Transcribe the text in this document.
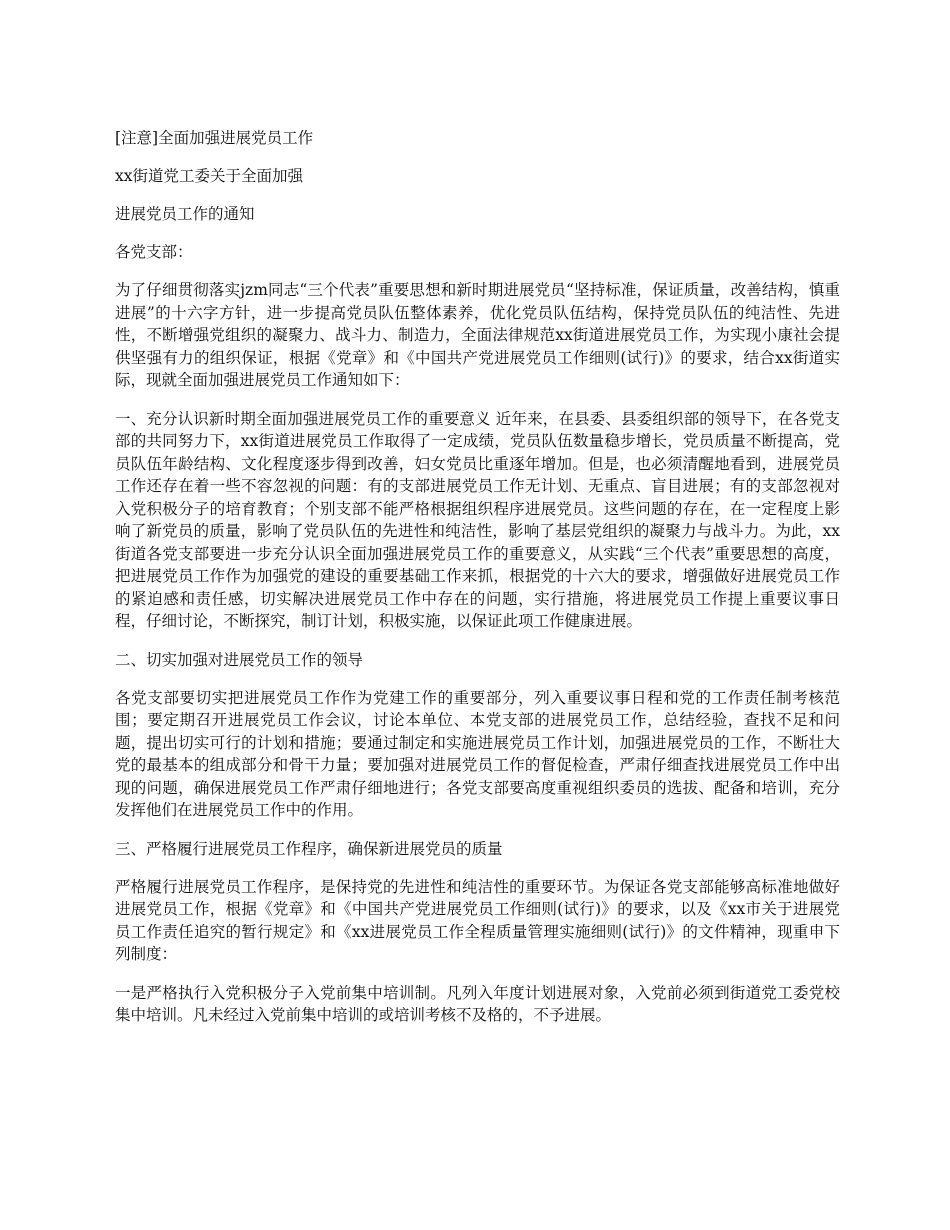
[注意]全面加强进展党员工作
xx街道党工委关于全面加强
进展党员工作的通知
各党支部：

为了仔细贯彻落实jzm同志“三个代表”重要思想和新时期进展党员“坚持标准，保证质量，改善结构，慎重进展”的十六字方针，进一步提高党员队伍整体素养，优化党员队伍结构，保持党员队伍的纯洁性、先进性，不断增强党组织的凝聚力、战斗力、制造力，全面法律规范xx街道进展党员工作，为实现小康社会提供坚强有力的组织保证，根据《党章》和《中国共产党进展党员工作细则(试行)》的要求，结合xx街道实际，现就全面加强进展党员工作通知如下：

一、充分认识新时期全面加强进展党员工作的重要意义 近年来，在县委、县委组织部的领导下，在各党支部的共同努力下，xx街道进展党员工作取得了一定成绩，党员队伍数量稳步增长，党员质量不断提高，党员队伍年龄结构、文化程度逐步得到改善，妇女党员比重逐年增加。但是，也必须清醒地看到，进展党员工作还存在着一些不容忽视的问题：有的支部进展党员工作无计划、无重点、盲目进展；有的支部忽视对入党积极分子的培育教育；个别支部不能严格根据组织程序进展党员。这些问题的存在，在一定程度上影响了新党员的质量，影响了党员队伍的先进性和纯洁性，影响了基层党组织的凝聚力与战斗力。为此，xx街道各党支部要进一步充分认识全面加强进展党员工作的重要意义，从实践“三个代表”重要思想的高度，把进展党员工作作为加强党的建设的重要基础工作来抓，根据党的十六大的要求，增强做好进展党员工作的紧迫感和责任感，切实解决进展党员工作中存在的问题，实行措施，将进展党员工作提上重要议事日程，仔细讨论，不断探究，制订计划，积极实施，以保证此项工作健康进展。

二、切实加强对进展党员工作的领导

各党支部要切实把进展党员工作作为党建工作的重要部分，列入重要议事日程和党的工作责任制考核范围；要定期召开进展党员工作会议，讨论本单位、本党支部的进展党员工作，总结经验，查找不足和问题，提出切实可行的计划和措施；要通过制定和实施进展党员工作计划，加强进展党员的工作，不断壮大党的最基本的组成部分和骨干力量；要加强对进展党员工作的督促检查，严肃仔细查找进展党员工作中出现的问题，确保进展党员工作严肃仔细地进行；各党支部要高度重视组织委员的选拔、配备和培训，充分发挥他们在进展党员工作中的作用。

三、严格履行进展党员工作程序，确保新进展党员的质量

严格履行进展党员工作程序，是保持党的先进性和纯洁性的重要环节。为保证各党支部能够高标准地做好进展党员工作，根据《党章》和《中国共产党进展党员工作细则(试行)》的要求，以及《xx市关于进展党员工作责任追究的暂行规定》和《xx进展党员工作全程质量管理实施细则(试行)》的文件精神，现重申下列制度：

一是严格执行入党积极分子入党前集中培训制。凡列入年度计划进展对象，入党前必须到街道党工委党校集中培训。凡未经过入党前集中培训的或培训考核不及格的，不予进展。
